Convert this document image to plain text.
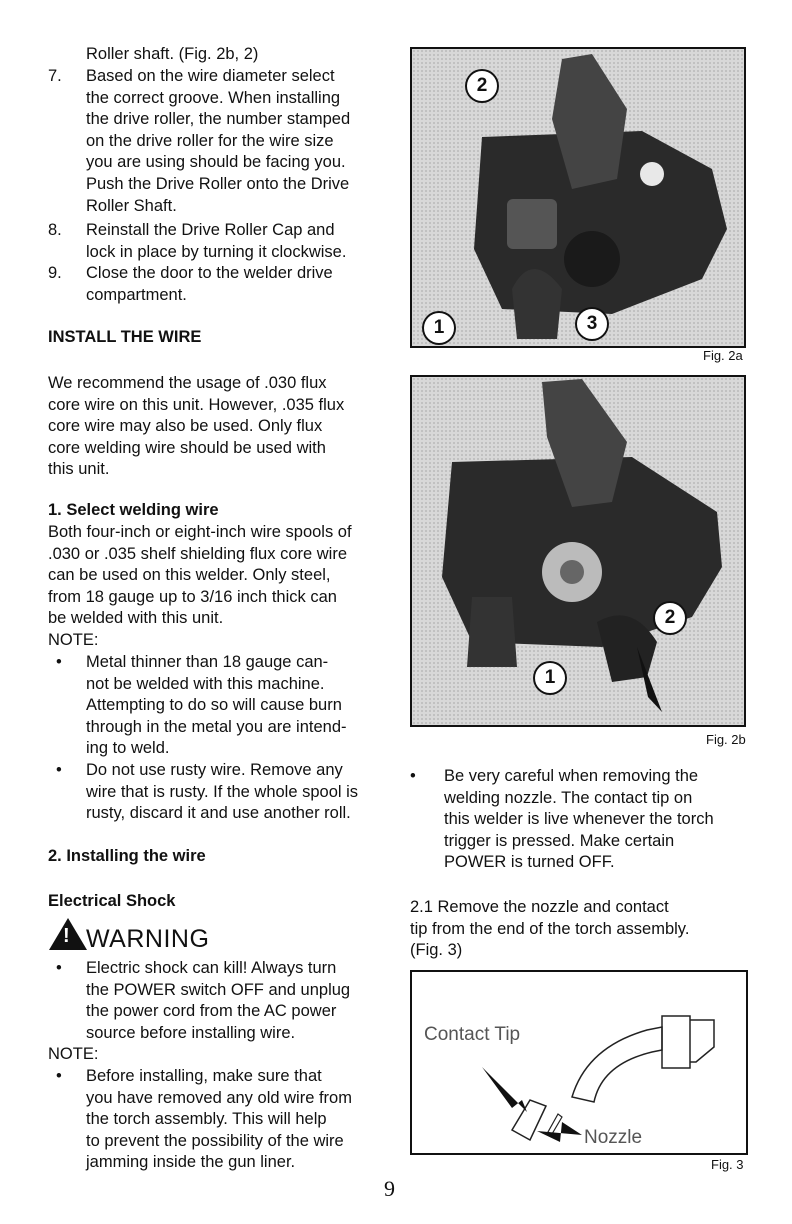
Roller shaft. (Fig. 2b, 2)
7. Based on the wire diameter select
the correct groove. When installing
the drive roller, the number stamped
on the drive roller for the wire size
you are using should be facing you.
Push the Drive Roller onto the Drive
Roller Shaft.
8. Reinstall the Drive Roller Cap and
lock in place by turning it clockwise.
9. Close the door to the welder drive
compartment.
INSTALL THE WIRE
We recommend the usage of .030 flux
core wire on this unit. However, .035 flux
core wire may also be used. Only flux
core welding wire should be used with
this unit.
1. Select welding wire
Both four-inch or eight-inch wire spools of
.030 or .035 shelf shielding flux core wire
can be used on this welder. Only steel,
from 18 gauge up to 3/16 inch thick can
be welded with this unit.
NOTE:
• Metal thinner than 18 gauge can-
not be welded with this machine.
Attempting to do so will cause burn
through in the metal you are intend-
ing to weld.
• Do not use rusty wire. Remove any
wire that is rusty. If the whole spool is
rusty, discard it and use another roll.
2. Installing the wire
Electrical Shock
! WARNING
• Electric shock can kill! Always turn
the POWER switch OFF and unplug
the power cord from the AC power
source before installing wire.
NOTE:
• Before installing, make sure that
you have removed any old wire from
the torch assembly. This will help
to prevent the possibility of the wire
jamming inside the gun liner.
2
1	3
Fig. 2a
2
1
Fig. 2b
• Be very careful when removing the
welding nozzle. The contact tip on
this welder is live whenever the torch
trigger is pressed. Make certain
POWER is turned OFF.
2.1 Remove the nozzle and contact
tip from the end of the torch assembly.
(Fig. 3)
Contact Tip
Nozzle
Fig. 3
9
